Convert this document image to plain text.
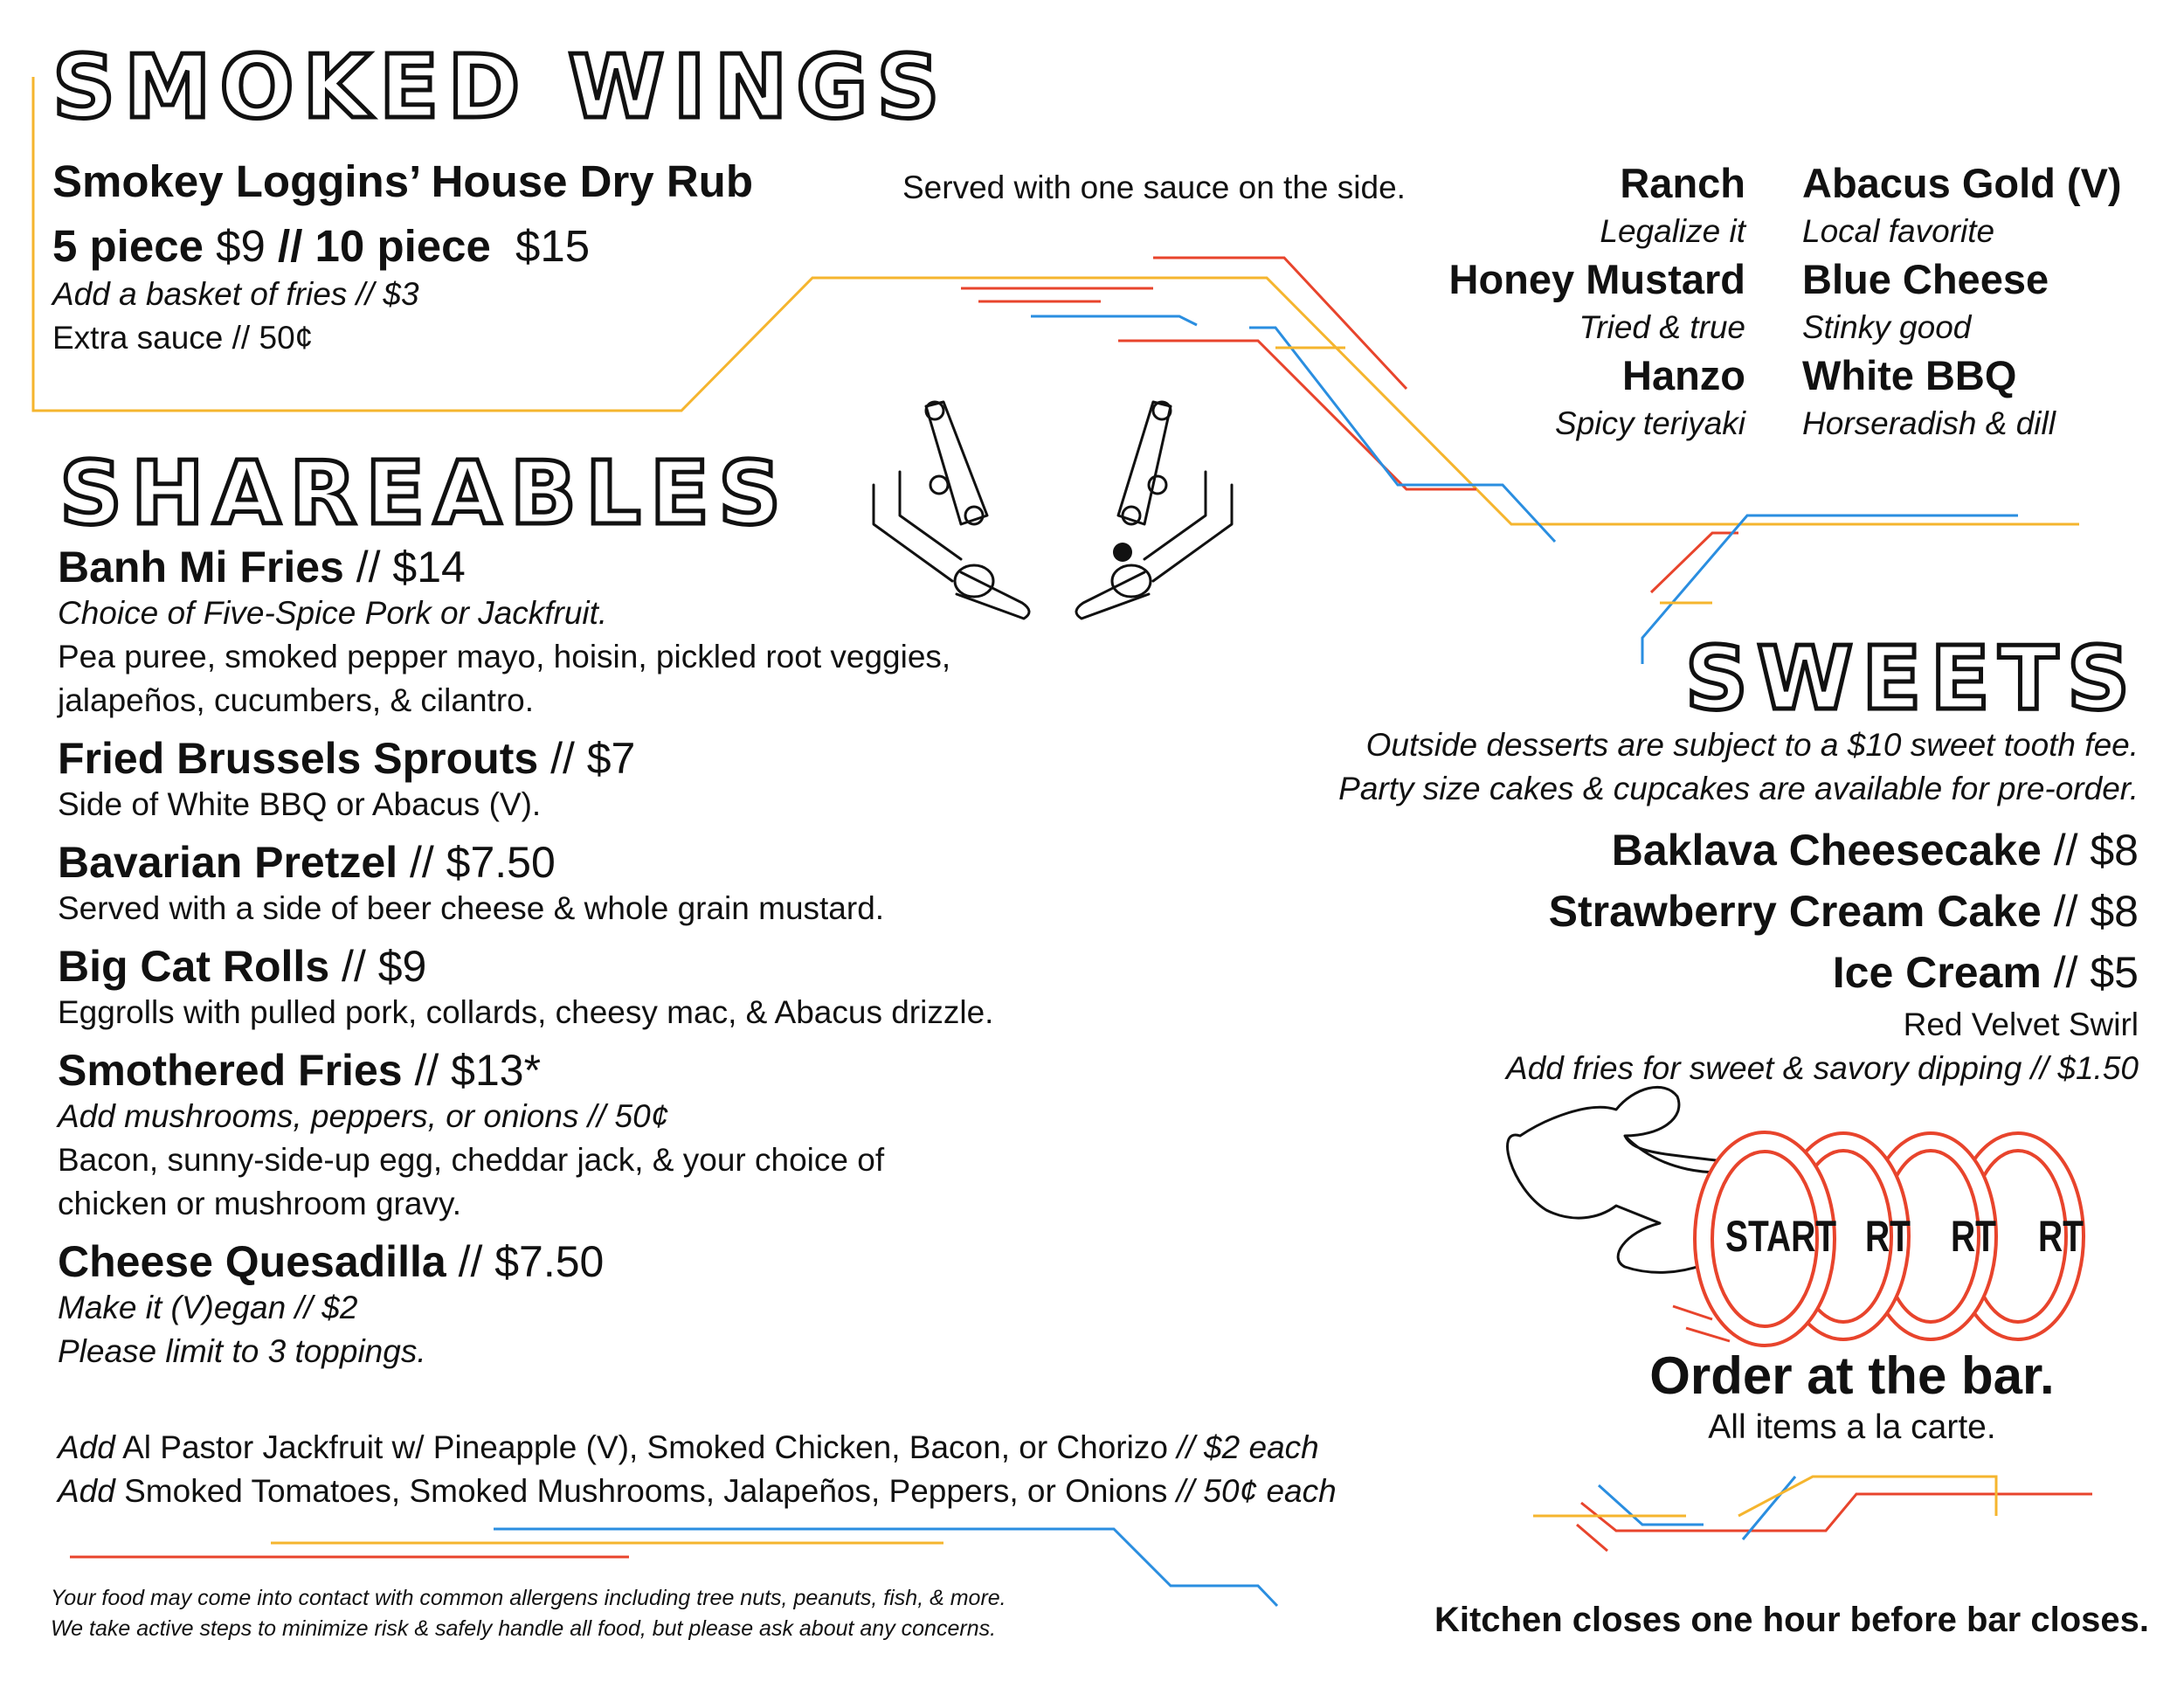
START RT RT RT
SMOKED WINGS
Smokey Loggins’ House Dry Rub
5 piece $9 // 10 piece $15
Add a basket of fries // $3
Extra sauce // 50¢
Served with one sauce on the side.	Ranch
Legalize it
Honey Mustard
Tried & true
Hanzo
Spicy teriyaki
Abacus Gold (V)
Local favorite
Blue Cheese
Stinky good
White BBQ
Horseradish & dill
SHAREABLES
Banh Mi Fries // $14
Choice of Five-Spice Pork or Jackfruit.
Pea puree, smoked pepper mayo, hoisin, pickled root veggies,
jalapeños, cucumbers, & cilantro.
Fried Brussels Sprouts // $7
Side of White BBQ or Abacus (V).
Bavarian Pretzel // $7.50
Served with a side of beer cheese & whole grain mustard.
Big Cat Rolls // $9
Eggrolls with pulled pork, collards, cheesy mac, & Abacus drizzle.
Smothered Fries // $13*
Add mushrooms, peppers, or onions // 50¢
Bacon, sunny-side-up egg, cheddar jack, & your choice of
chicken or mushroom gravy.
Cheese Quesadilla // $7.50
Make it (V)egan // $2
Please limit to 3 toppings.
Add Al Pastor Jackfruit w/ Pineapple (V), Smoked Chicken, Bacon, or Chorizo // $2 each
Add Smoked Tomatoes, Smoked Mushrooms, Jalapeños, Peppers, or Onions // 50¢ each
SWEETS
Outside desserts are subject to a $10 sweet tooth fee.
Party size cakes & cupcakes are available for pre-order.
Baklava Cheesecake // $8
Strawberry Cream Cake // $8
Ice Cream // $5
Red Velvet Swirl
Add fries for sweet & savory dipping // $1.50
Order at the bar.
All items a la carte.
Your food may come into contact with common allergens including tree nuts, peanuts, fish, & more.
We take active steps to minimize risk & safely handle all food, but please ask about any concerns.	Kitchen closes one hour before bar closes.
